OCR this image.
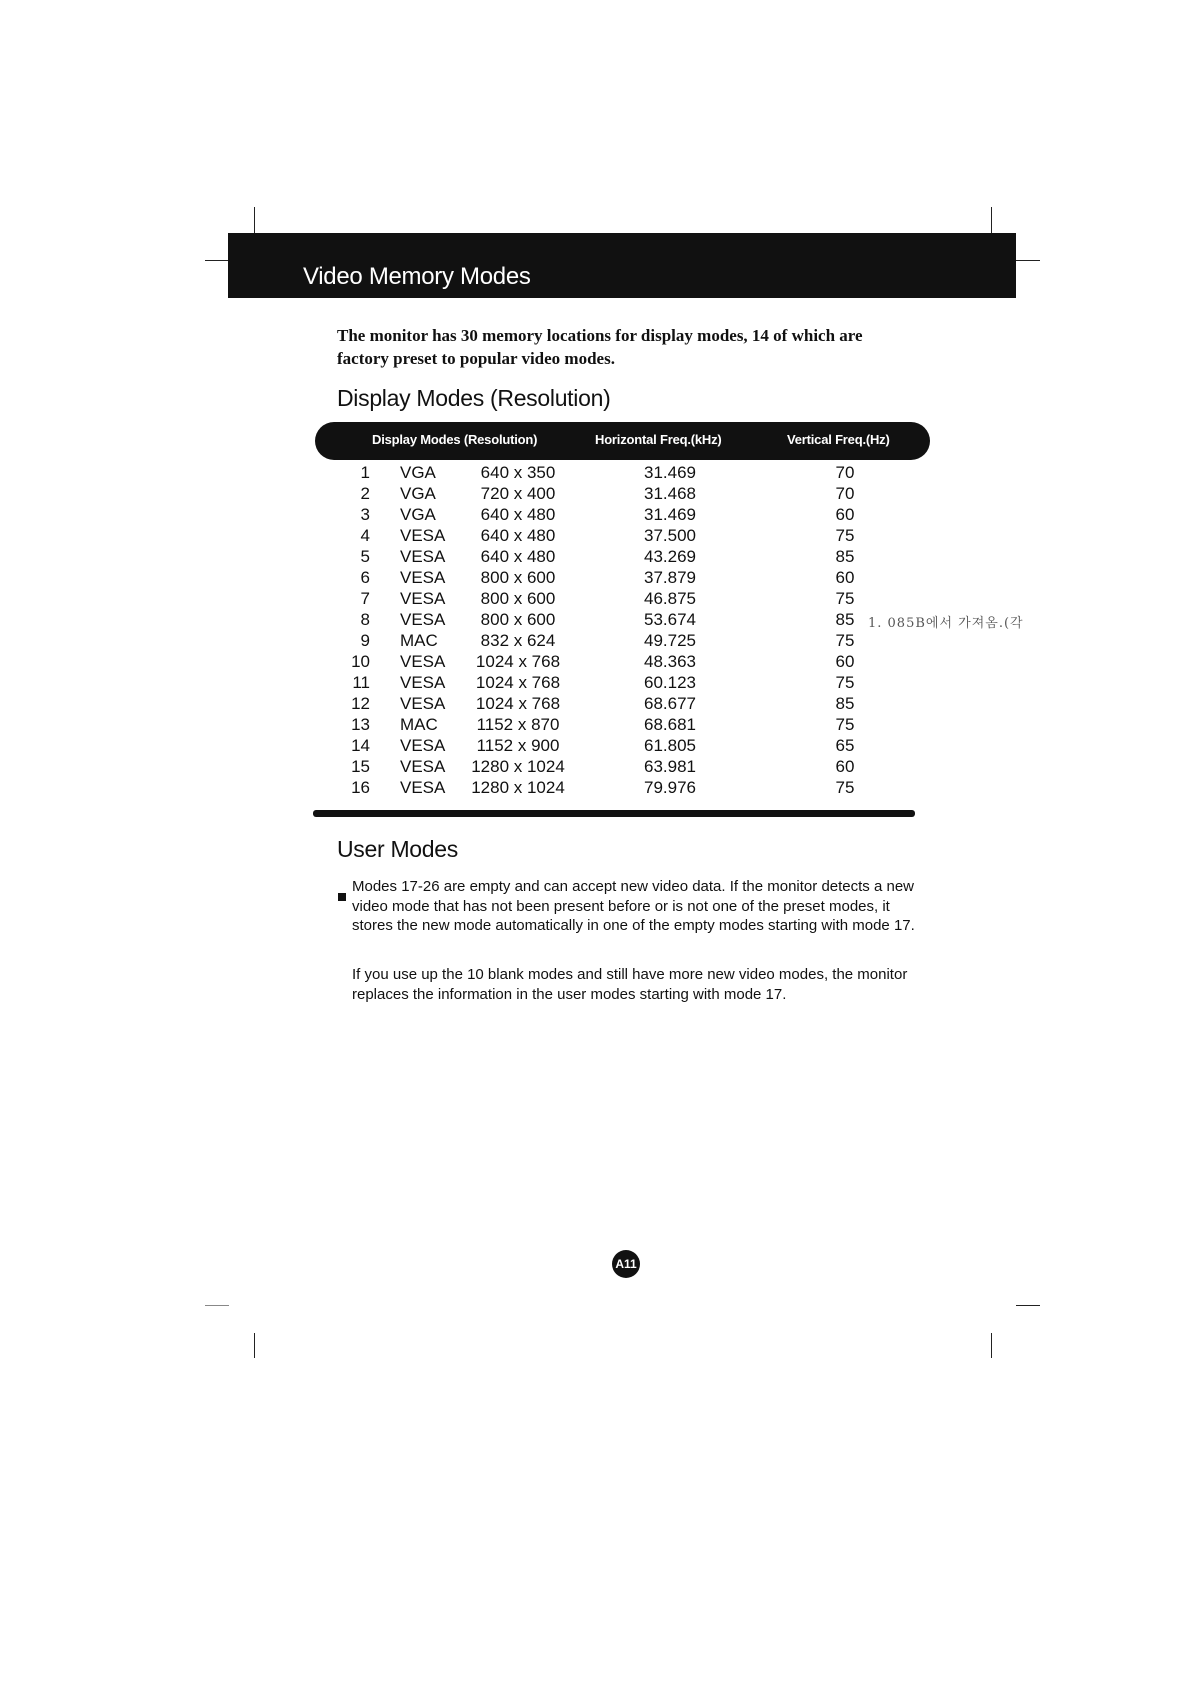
Video Memory Modes
The monitor has 30 memory locations for display modes, 14 of which are factory preset to popular video modes.
Display Modes (Resolution)
Display Modes (Resolution)	Horizontal Freq.(kHz)	Vertical Freq.(Hz)
1 VGA	640 x 350	31.469	70
2 VGA	720 x 400	31.468	70
3 VGA	640 x 480	31.469	60
4 VESA	640 x 480	37.500	75
5 VESA	640 x 480	43.269	85
6 VESA	800 x 600	37.879	60
7 VESA	800 x 600	46.875	75
8 VESA	800 x 600	53.674	85
9 MAC	832 x 624	49.725	75
10 VESA	1024 x 768	48.363	60
11 VESA	1024 x 768	60.123	75
12 VESA	1024 x 768	68.677	85
13 MAC	1152 x 870	68.681	75
14 VESA	1152 x 900	61.805	65
15 VESA	1280 x 1024	63.981	60
16 VESA	1280 x 1024	79.976	75
1. 085B에서 가져옴.(각
User Modes
Modes 17-26 are empty and can accept new video data. If the monitor detects a new video mode that has not been present before or is not one of the preset modes, it stores the new mode automatically in one of the empty modes starting with mode 17.
If you use up the 10 blank modes and still have more new video modes, the monitor replaces the information in the user modes starting with mode 17.
A11
